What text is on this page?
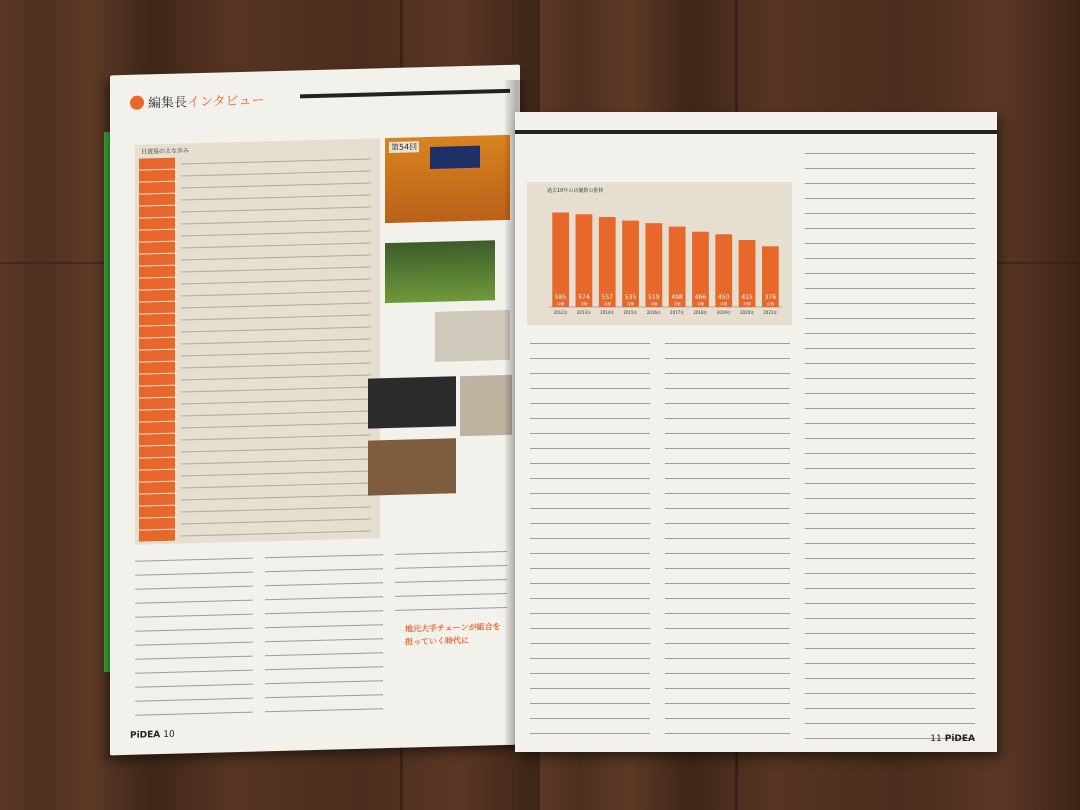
編集長インタビュー
日遊協の主な歩み	第54回
地元大手チェーンが組合を担っていく時代に
PiDEA 10
過去10年の店舗数の推移
585
店舗
2012年
574
店舗
2013年
557
店舗
2014年
535
店舗
2015年
519
店舗
2016年
498
店舗
2017年
466
店舗
2018年
450
店舗
2019年
415
店舗
2020年
376
店舗
2021年
11 PiDEA
